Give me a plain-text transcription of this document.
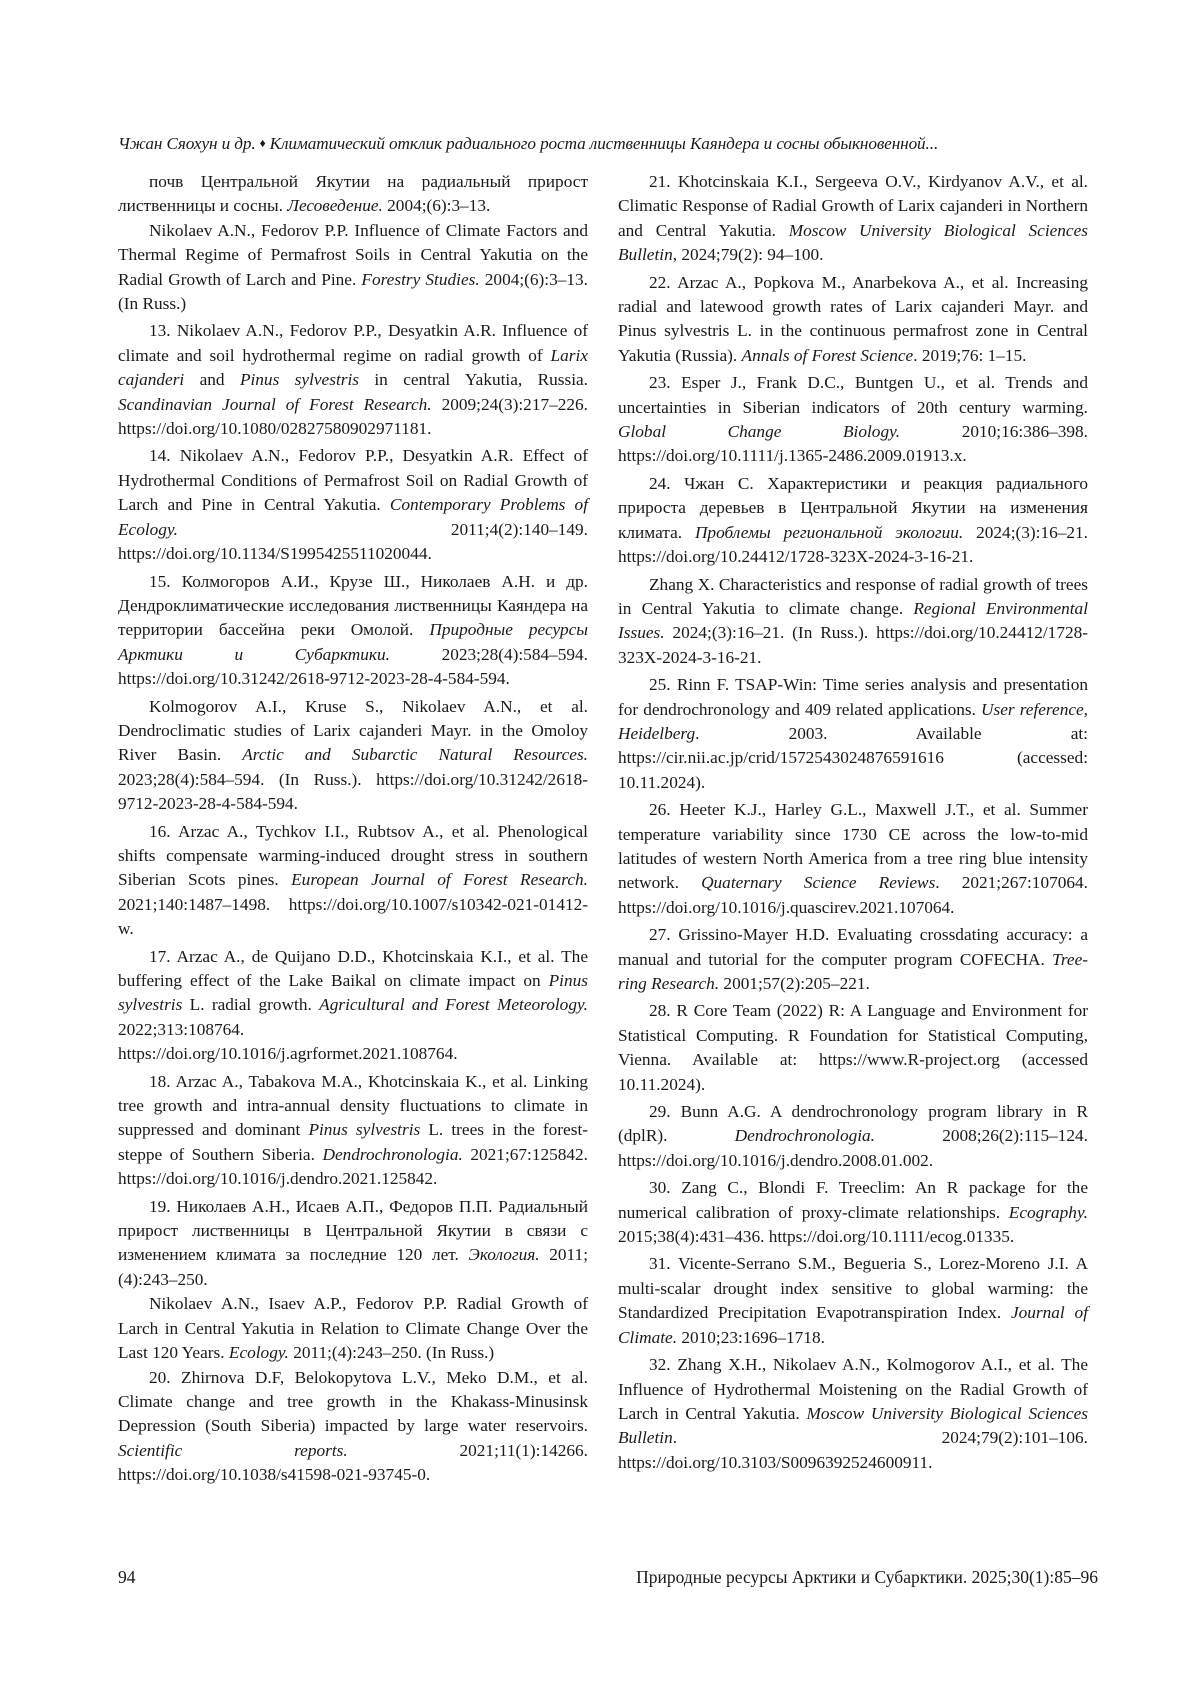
Чжан Сяохун и др. ♦ Климатический отклик радиального роста лиственницы Каяндера и сосны обыкновенной...

почв Центральной Якутии на радиальный прирост лиственницы и сосны. Лесоведение. 2004;(6):3–13.

Nikolaev A.N., Fedorov P.P. Influence of Climate Factors and Thermal Regime of Permafrost Soils in Central Yakutia on the Radial Growth of Larch and Pine. Forestry Studies. 2004;(6):3–13. (In Russ.)

13. Nikolaev A.N., Fedorov P.P., Desyatkin A.R. Influence of climate and soil hydrothermal regime on radial growth of Larix cajanderi and Pinus sylvestris in central Yakutia, Russia. Scandinavian Journal of Forest Research. 2009;24(3):217–226. https://doi.org/10.1080/02827580902971181.

14. Nikolaev A.N., Fedorov P.P., Desyatkin A.R. Effect of Hydrothermal Conditions of Permafrost Soil on Radial Growth of Larch and Pine in Central Yakutia. Contemporary Problems of Ecology. 2011;4(2):140–149. https://doi.org/10.1134/S1995425511020044.

15. Колмогоров А.И., Крузе Ш., Николаев А.Н. и др. Дендроклиматические исследования лиственницы Каяндера на территории бассейна реки Омолой. Природные ресурсы Арктики и Субарктики. 2023;28(4):584–594. https://doi.org/10.31242/2618-9712-2023-28-4-584-594.

Kolmogorov A.I., Kruse S., Nikolaev A.N., et al. Dendroclimatic studies of Larix cajanderi Mayr. in the Omoloy River Basin. Arctic and Subarctic Natural Resources. 2023;28(4):584–594. (In Russ.). https://doi.org/10.31242/2618-9712-2023-28-4-584-594.

16. Arzac A., Tychkov I.I., Rubtsov A., et al. Phenological shifts compensate warming-induced drought stress in southern Siberian Scots pines. European Journal of Forest Research. 2021;140:1487–1498. https://doi.org/10.1007/s10342-021-01412-w.

17. Arzac A., de Quijano D.D., Khotcinskaia K.I., et al. The buffering effect of the Lake Baikal on climate impact on Pinus sylvestris L. radial growth. Agricultural and Forest Meteorology. 2022;313:108764. https://doi.org/10.1016/j.agrformet.2021.108764.

18. Arzac A., Tabakova M.A., Khotcinskaia K., et al. Linking tree growth and intra-annual density fluctuations to climate in suppressed and dominant Pinus sylvestris L. trees in the forest-steppe of Southern Siberia. Dendrochronologia. 2021;67:125842. https://doi.org/10.1016/j.dendro.2021.125842.

19. Николаев А.Н., Исаев А.П., Федоров П.П. Радиальный прирост лиственницы в Центральной Якутии в связи с изменением климата за последние 120 лет. Экология. 2011;(4):243–250.

Nikolaev A.N., Isaev A.P., Fedorov P.P. Radial Growth of Larch in Central Yakutia in Relation to Climate Change Over the Last 120 Years. Ecology. 2011;(4):243–250. (In Russ.)

20. Zhirnova D.F, Belokopytova L.V., Meko D.M., et al. Climate change and tree growth in the Khakass-Minusinsk Depression (South Siberia) impacted by large water reservoirs. Scientific reports. 2021;11(1):14266. https://doi.org/10.1038/s41598-021-93745-0.

21. Khotcinskaia K.I., Sergeeva O.V., Kirdyanov A.V., et al. Climatic Response of Radial Growth of Larix cajanderi in Northern and Central Yakutia. Moscow University Biological Sciences Bulletin, 2024;79(2): 94–100.

22. Arzac A., Popkova M., Anarbekova A., et al. Increasing radial and latewood growth rates of Larix cajanderi Mayr. and Pinus sylvestris L. in the continuous permafrost zone in Central Yakutia (Russia). Annals of Forest Science. 2019;76: 1–15.

23. Esper J., Frank D.C., Buntgen U., et al. Trends and uncertainties in Siberian indicators of 20th century warming. Global Change Biology. 2010;16:386–398. https://doi.org/10.1111/j.1365-2486.2009.01913.x.

24. Чжан С. Характеристики и реакция радиального прироста деревьев в Центральной Якутии на изменения климата. Проблемы региональной экологии. 2024;(3):16–21. https://doi.org/10.24412/1728-323X-2024-3-16-21.

Zhang X. Characteristics and response of radial growth of trees in Central Yakutia to climate change. Regional Environmental Issues. 2024;(3):16–21. (In Russ.). https://doi.org/10.24412/1728-323X-2024-3-16-21.

25. Rinn F. TSAP-Win: Time series analysis and presentation for dendrochronology and 409 related applications. User reference, Heidelberg. 2003. Available at: https://cir.nii.ac.jp/crid/1572543024876591616 (accessed: 10.11.2024).

26. Heeter K.J., Harley G.L., Maxwell J.T., et al. Summer temperature variability since 1730 CE across the low-to-mid latitudes of western North America from a tree ring blue intensity network. Quaternary Science Reviews. 2021;267:107064. https://doi.org/10.1016/j.quascirev.2021.107064.

27. Grissino-Mayer H.D. Evaluating crossdating accuracy: a manual and tutorial for the computer program COFECHA. Tree-ring Research. 2001;57(2):205–221.

28. R Core Team (2022) R: A Language and Environment for Statistical Computing. R Foundation for Statistical Computing, Vienna. Available at: https://www.R-project.org (accessed 10.11.2024).

29. Bunn A.G. A dendrochronology program library in R (dplR). Dendrochronologia. 2008;26(2):115–124. https://doi.org/10.1016/j.dendro.2008.01.002.

30. Zang C., Blondi F. Treeclim: An R package for the numerical calibration of proxy-climate relationships. Ecography. 2015;38(4):431–436. https://doi.org/10.1111/ecog.01335.

31. Vicente-Serrano S.M., Begueria S., Lorez-Moreno J.I. A multi-scalar drought index sensitive to global warming: the Standardized Precipitation Evapotranspiration Index. Journal of Climate. 2010;23:1696–1718.

32. Zhang X.H., Nikolaev A.N., Kolmogorov A.I., et al. The Influence of Hydrothermal Moistening on the Radial Growth of Larch in Central Yakutia. Moscow University Biological Sciences Bulletin. 2024;79(2):101–106. https://doi.org/10.3103/S0096392524600911.

94	Природные ресурсы Арктики и Субарктики. 2025;30(1):85–96
